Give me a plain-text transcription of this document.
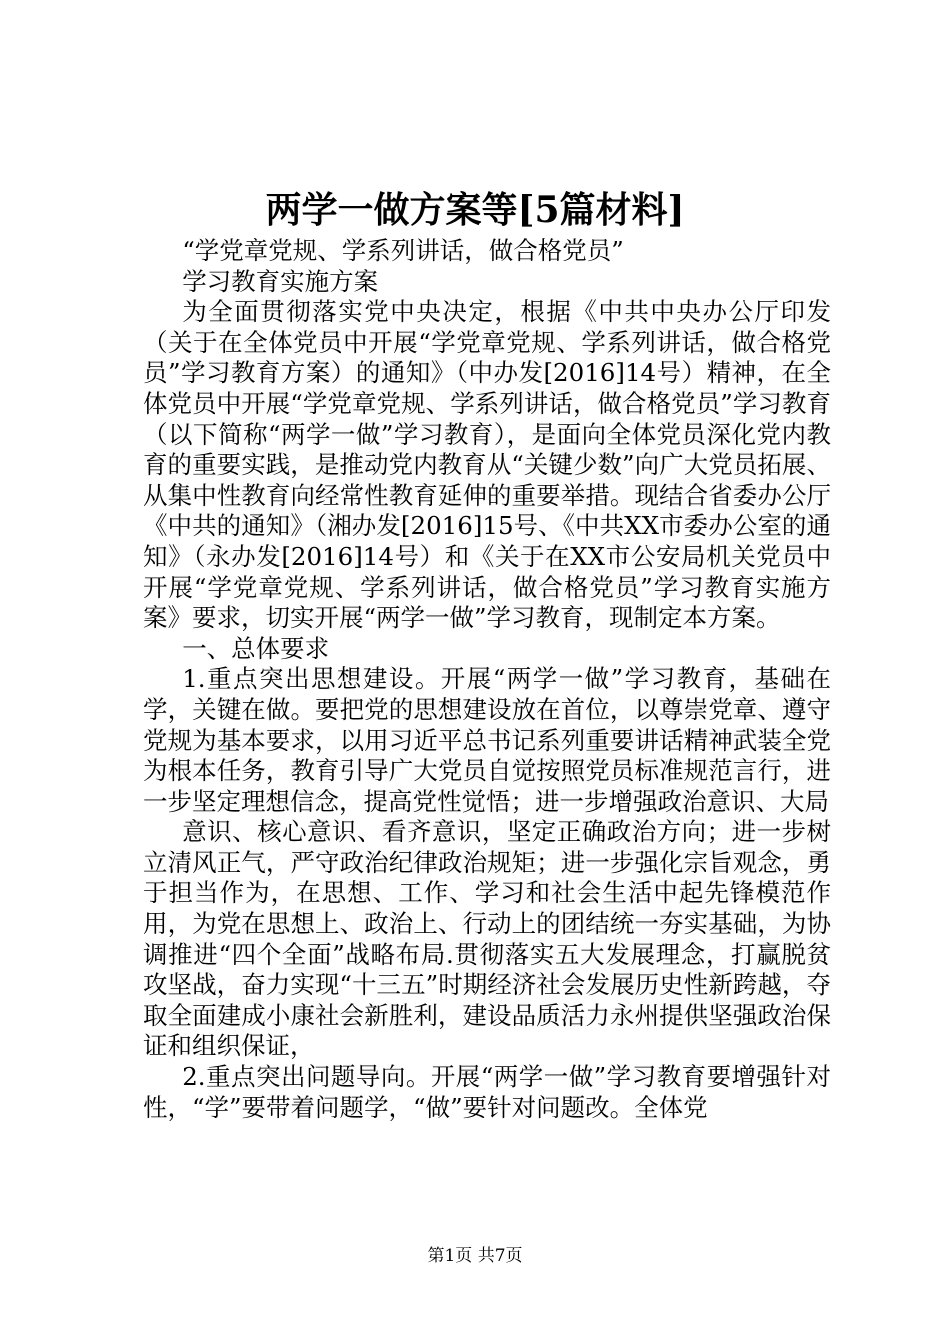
两学一做方案等[5篇材料]

“学党章党规、学系列讲话，做合格党员”

学习教育实施方案

为全面贯彻落实党中央决定，根据《中共中央办公厅印发（关于在全体党员中开展“学党章党规、学系列讲话，做合格党员”学习教育方案）的通知》（中办发[2016]14号）精神，在全体党员中开展“学党章党规、学系列讲话，做合格党员”学习教育（以下简称“两学一做”学习教育），是面向全体党员深化党内教育的重要实践，是推动党内教育从“关键少数”向广大党员拓展、从集中性教育向经常性教育延伸的重要举措。现结合省委办公厅《中共的通知》（湘办发[2016]15号、《中共XX市委办公室的通知》（永办发[2016]14号）和《关于在XX市公安局机关党员中开展“学党章党规、学系列讲话，做合格党员”学习教育实施方案》要求，切实开展“两学一做”学习教育，现制定本方案。

一、总体要求

1.重点突出思想建设。开展“两学一做”学习教育，基础在学，关键在做。要把党的思想建设放在首位，以尊崇党章、遵守党规为基本要求，以用习近平总书记系列重要讲话精神武装全党为根本任务，教育引导广大党员自觉按照党员标准规范言行，进一步坚定理想信念，提高党性觉悟；进一步增强政治意识、大局

意识、核心意识、看齐意识，坚定正确政治方向；进一步树立清风正气，严守政治纪律政治规矩；进一步强化宗旨观念，勇于担当作为，在思想、工作、学习和社会生活中起先锋模范作用，为党在思想上、政治上、行动上的团结统一夯实基础，为协调推进“四个全面”战略布局.贯彻落实五大发展理念，打赢脱贫攻坚战，奋力实现“十三五”时期经济社会发展历史性新跨越，夺取全面建成小康社会新胜利，建设品质活力永州提供坚强政治保证和组织保证，

2.重点突出问题导向。开展“两学一做”学习教育要增强针对性，“学”要带着问题学，“做”要针对问题改。全体党

第1页 共7页
